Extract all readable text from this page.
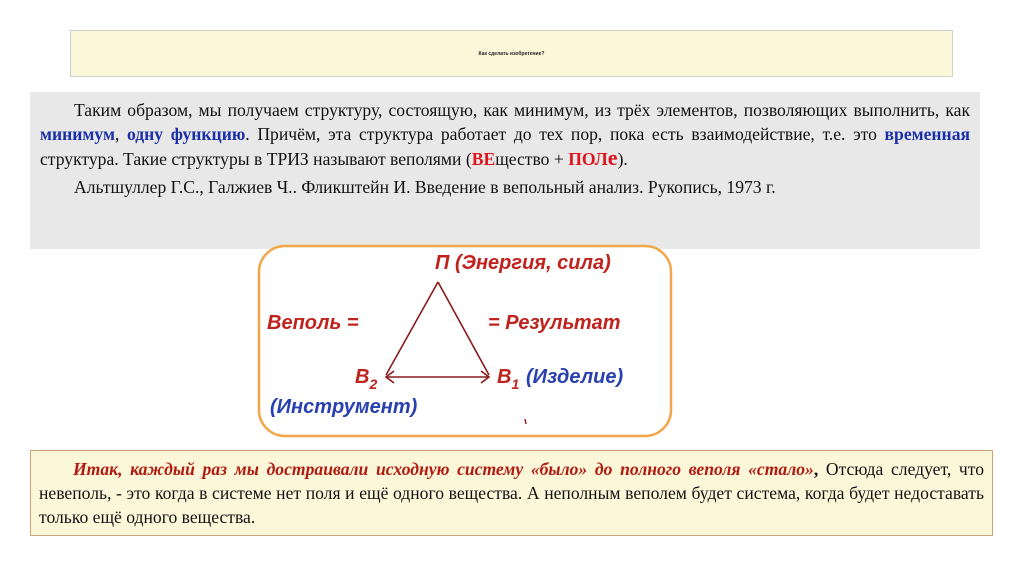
Как сделать изобретение?

Таким образом, мы получаем структуру, состоящую, как минимум, из трёх элементов, позволяющих выполнить, как минимум, одну функцию. Причём, эта структура работает до тех пор, пока есть взаимодействие, т.е. это временная структура. Такие структуры в ТРИЗ называют веполями (ВЕщество + ПОЛе).

Альтшуллер Г.С., Галжиев Ч.. Фликштейн И. Введение в вепольный анализ. Рукопись, 1973 г.

П (Энергия, сила)
Веполь =	= Результат
$В_2$	$В_1$ (Изделие)
(Инструмент)

Итак, каждый раз мы достраивали исходную систему «было» до полного веполя «стало», Отсюда следует, что невеполь, - это когда в системе нет поля и ещё одного вещества. А неполным веполем будет система, когда будет недоставать только ещё одного вещества.
